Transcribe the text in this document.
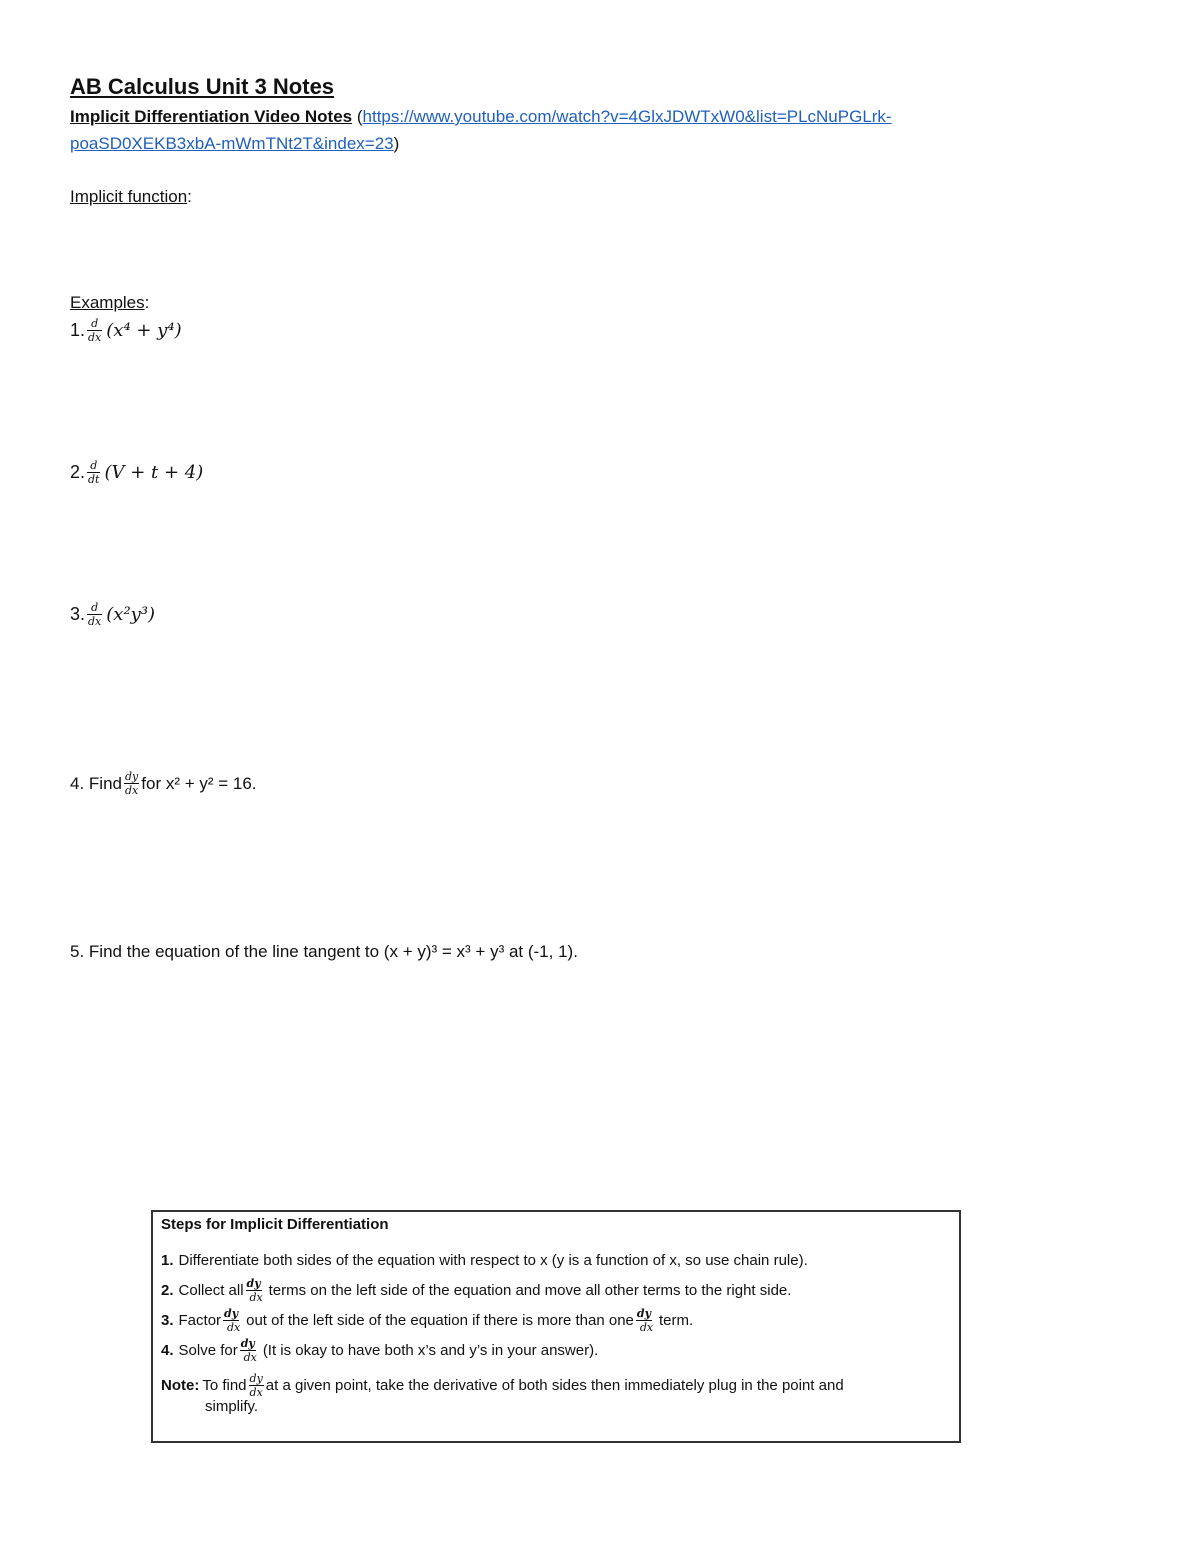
AB Calculus Unit 3 Notes
Implicit Differentiation Video Notes (https://www.youtube.com/watch?v=4GlxJDWTxW0&list=PLcNuPGLrk-
poaSD0XEKB3xbA-mWmTNt2T&index=23)
Implicit function:
Examples:
1. $\frac{d}{dx} (x^4 + y^4)$
2. $\frac{d}{dt} (V + t + 4)$
3. $\frac{d}{dx} (x^2y^3)$
4.
Find $\frac{dy}{dx}$ for x² + y² = 16.
5.
Find the equation of the line tangent to (x + y)³ = x³ + y³ at (-1, 1).
Steps for Implicit Differentiation
1. Differentiate both sides of the equation with respect to x (y is a function of x, so use chain rule).
2. Collect all $\frac{dy}{dx}$ terms on the left side of the equation and move all other terms to the right side.
3. Factor $\frac{dy}{dx}$ out of the left side of the equation if there is more than one $\frac{dy}{dx}$ term.
4. Solve for $\frac{dy}{dx} (It$ is okay to have both x’s and y’s in your answer).
Note: To find $\frac{dy}{dx}$ at a given point, take the derivative of both sides then immediately plug in the point and
simplify.
